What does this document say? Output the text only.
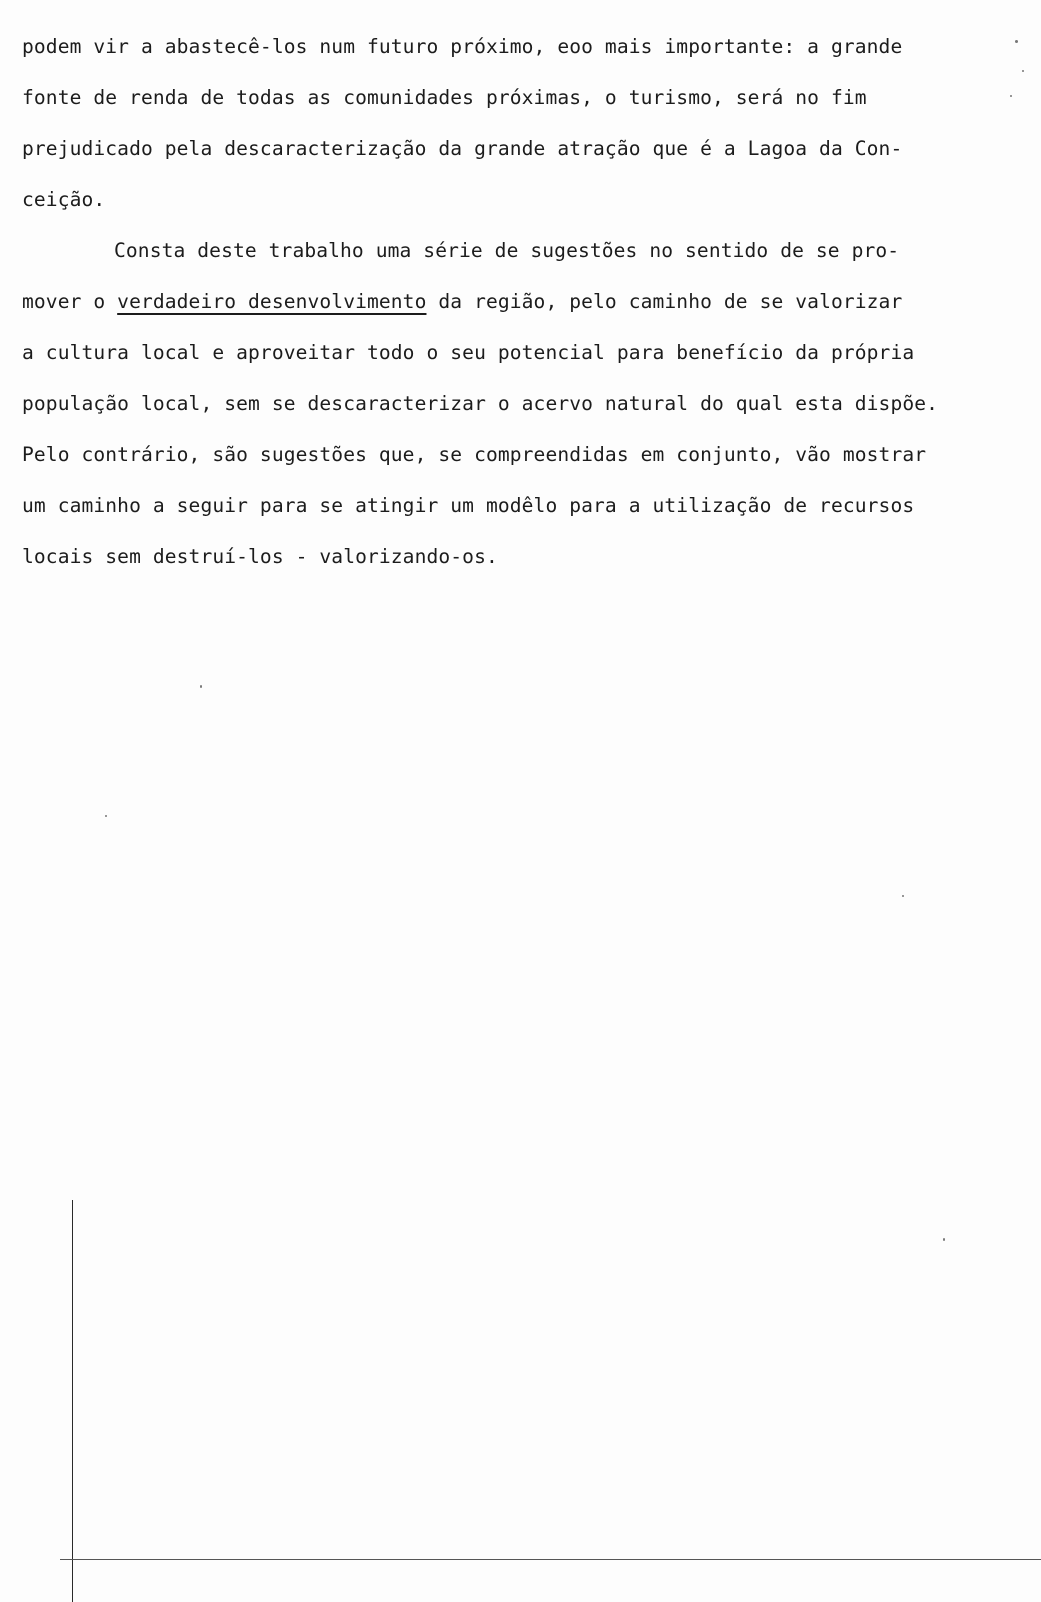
podem vir a abastecê-los num futuro próximo, eoo mais importante: a grande
fonte de renda de todas as comunidades próximas, o turismo, será no fim
prejudicado pela descaracterização da grande atração que é a Lagoa da Con-
ceição.
Consta deste trabalho uma série de sugestões no sentido de se pro-
mover o verdadeiro desenvolvimento da região, pelo caminho de se valorizar
a cultura local e aproveitar todo o seu potencial para benefício da própria
população local, sem se descaracterizar o acervo natural do qual esta dispõe.
Pelo contrário, são sugestões que, se compreendidas em conjunto, vão mostrar
um caminho a seguir para se atingir um modêlo para a utilização de recursos
locais sem destruí-los - valorizando-os.
